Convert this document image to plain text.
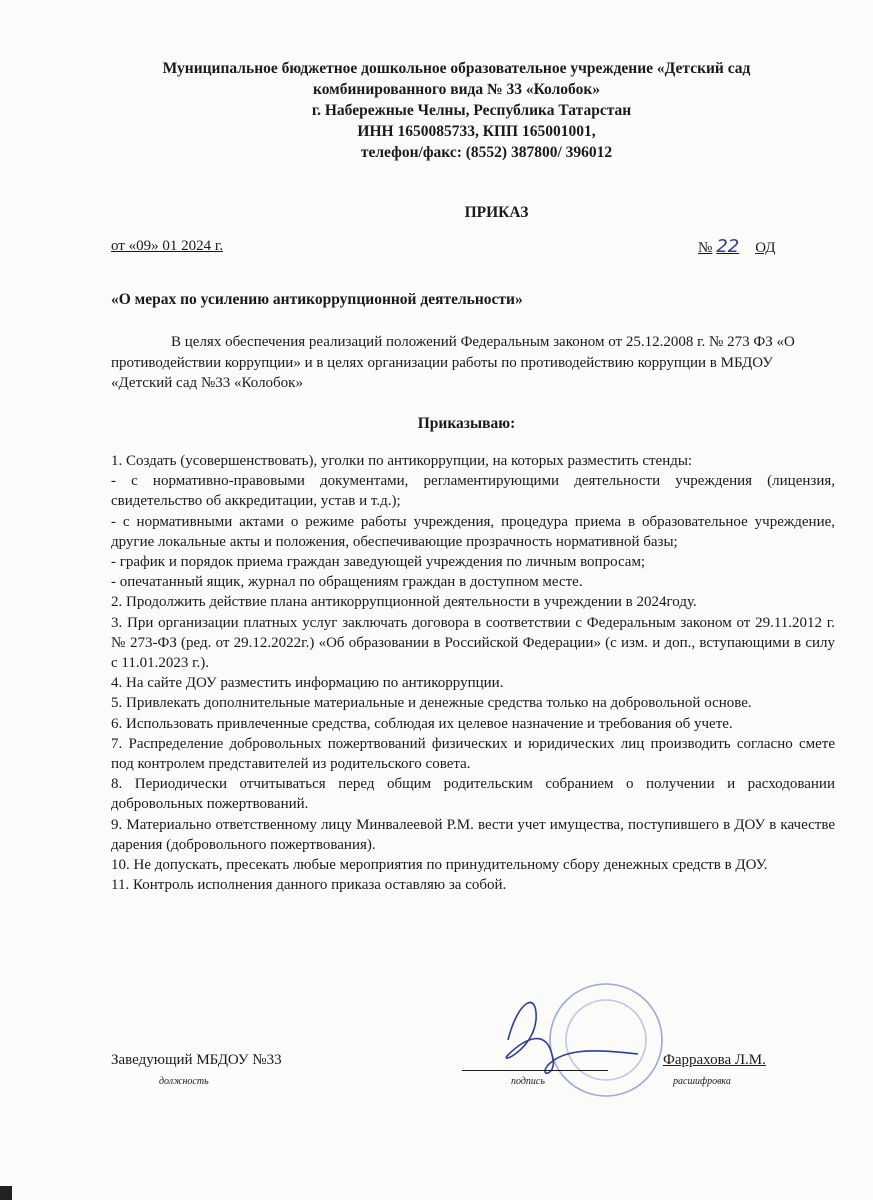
Муниципальное бюджетное дошкольное образовательное учреждение «Детский сад
комбинированного вида № 33 «Колобок»
г. Набережные Челны, Республика Татарстан
ИНН 1650085733, КПП 165001001,
телефон/факс: (8552) 387800/ 396012
ПРИКАЗ
от «09» 01 2024 г.	№ 22	ОД
«О мерах по усилению антикоррупционной деятельности»
В целях обеспечения реализаций положений Федеральным законом от 25.12.2008 г. № 273 ФЗ «О противодействии коррупции» и в целях организации работы по противодействию коррупции в МБДОУ «Детский сад №33 «Колобок»
Приказываю:

1. Создать (усовершенствовать), уголки по антикоррупции, на которых разместить стенды:

- с нормативно-правовыми документами, регламентирующими деятельности учреждения (лицензия, свидетельство об аккредитации, устав и т.д.);

- с нормативными актами о режиме работы учреждения, процедура приема в образовательное учреждение, другие локальные акты и положения, обеспечивающие прозрачность нормативной базы;

- график и порядок приема граждан заведующей учреждения по личным вопросам;

- опечатанный ящик, журнал по обращениям граждан в доступном месте.

2. Продолжить действие плана антикоррупционной деятельности в учреждении в 2024году.

3. При организации платных услуг заключать договора в соответствии с Федеральным законом от 29.11.2012 г. № 273-ФЗ (ред. от 29.12.2022г.) «Об образовании в Российской Федерации» (с изм. и доп., вступающими в силу с 11.01.2023 г.).

4. На сайте ДОУ разместить информацию по антикоррупции.

5. Привлекать дополнительные материальные и денежные средства только на добровольной основе.

6. Использовать привлеченные средства, соблюдая их целевое назначение и требования об учете.

7. Распределение добровольных пожертвований физических и юридических лиц производить согласно смете под контролем представителей из родительского совета.

8. Периодически отчитываться перед общим родительским собранием о получении и расходовании добровольных пожертвований.

9. Материально ответственному лицу Минвалеевой Р.М. вести учет имущества, поступившего в ДОУ в качестве дарения (добровольного пожертвования).

10. Не допускать, пресекать любые мероприятия по принудительному сбору денежных средств в ДОУ.

11. Контроль исполнения данного приказа оставляю за собой.

Заведующий МБДОУ №33	Фаррахова Л.М.
должность	подпись	расшифровка
